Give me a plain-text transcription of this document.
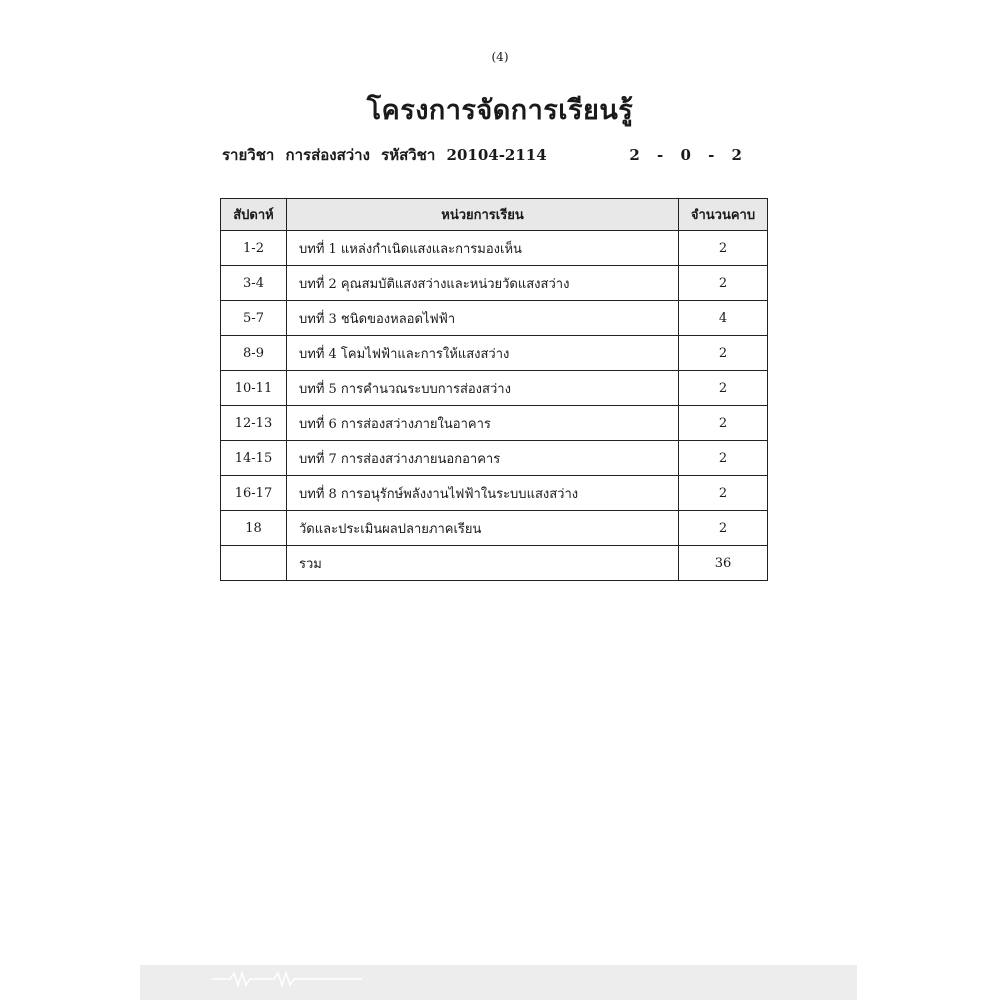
(4)
โครงการจัดการเรียนรู้
รายวิชา การส่องสว่าง รหัสวิชา 20104-2114	2 - 0 - 2
สัปดาห์	หน่วยการเรียน	จำนวนคาบ
1-2	บทที่ 1 แหล่งกำเนิดแสงและการมองเห็น	2
3-4	บทที่ 2 คุณสมบัติแสงสว่างและหน่วยวัดแสงสว่าง	2
5-7	บทที่ 3 ชนิดของหลอดไฟฟ้า	4
8-9	บทที่ 4 โคมไฟฟ้าและการให้แสงสว่าง	2
10-11	บทที่ 5 การคำนวณระบบการส่องสว่าง	2
12-13	บทที่ 6 การส่องสว่างภายในอาคาร	2
14-15	บทที่ 7 การส่องสว่างภายนอกอาคาร	2
16-17	บทที่ 8 การอนุรักษ์พลังงานไฟฟ้าในระบบแสงสว่าง	2
18	วัดและประเมินผลปลายภาคเรียน	2
	รวม	36
